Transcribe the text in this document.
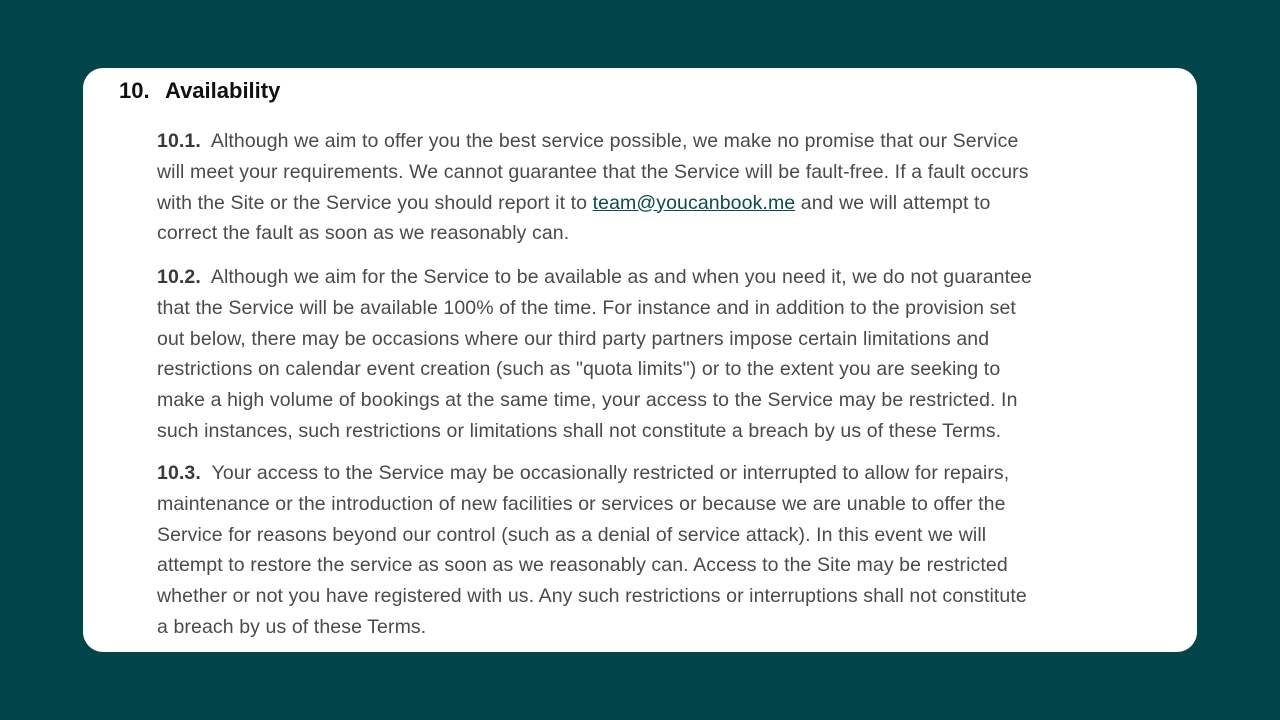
10. Availability
10.1. Although we aim to offer you the best service possible, we make no promise that our Service
will meet your requirements. We cannot guarantee that the Service will be fault-free. If a fault occurs
with the Site or the Service you should report it to team@youcanbook.me and we will attempt to
correct the fault as soon as we reasonably can.
10.2. Although we aim for the Service to be available as and when you need it, we do not guarantee
that the Service will be available 100% of the time. For instance and in addition to the provision set
out below, there may be occasions where our third party partners impose certain limitations and
restrictions on calendar event creation (such as "quota limits") or to the extent you are seeking to
make a high volume of bookings at the same time, your access to the Service may be restricted. In
such instances, such restrictions or limitations shall not constitute a breach by us of these Terms.
10.3. Your access to the Service may be occasionally restricted or interrupted to allow for repairs,
maintenance or the introduction of new facilities or services or because we are unable to offer the
Service for reasons beyond our control (such as a denial of service attack). In this event we will
attempt to restore the service as soon as we reasonably can. Access to the Site may be restricted
whether or not you have registered with us. Any such restrictions or interruptions shall not constitute
a breach by us of these Terms.
